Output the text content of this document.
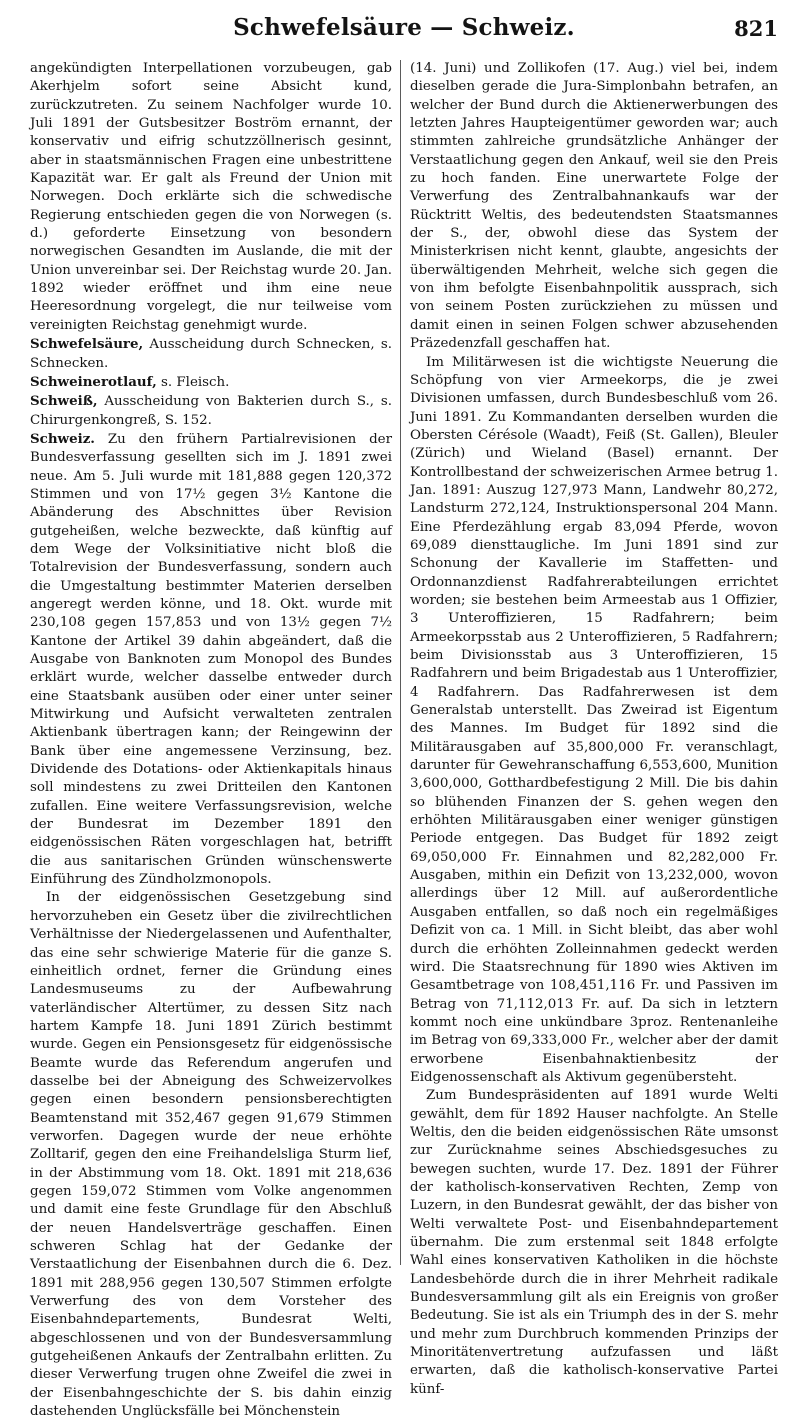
Schwefelsäure — Schweiz.	821

angekündigten Interpellationen vorzubeugen, gab Akerhjelm sofort seine Absicht kund, zurückzutreten. Zu seinem Nachfolger wurde 10. Juli 1891 der Gutsbesitzer Boström ernannt, der konservativ und eifrig schutzzöllnerisch gesinnt, aber in staatsmännischen Fragen eine unbestrittene Kapazität war. Er galt als Freund der Union mit Norwegen. Doch erklärte sich die schwedische Regierung entschieden gegen die von Norwegen (s. d.) geforderte Einsetzung von besondern norwegischen Gesandten im Auslande, die mit der Union unvereinbar sei. Der Reichstag wurde 20. Jan. 1892 wieder eröffnet und ihm eine neue Heeresordnung vorgelegt, die nur teilweise vom vereinigten Reichstag genehmigt wurde.

Schwefelsäure, Ausscheidung durch Schnecken, s. Schnecken.

Schweinerotlauf, s. Fleisch.

Schweiß, Ausscheidung von Bakterien durch S., s. Chirurgenkongreß, S. 152.

Schweiz. Zu den frühern Partialrevisionen der Bundesverfassung gesellten sich im J. 1891 zwei neue. Am 5. Juli wurde mit 181,888 gegen 120,372 Stimmen und von 17½ gegen 3½ Kantone die Abänderung des Abschnittes über Revision gutgeheißen, welche bezweckte, daß künftig auf dem Wege der Volksinitiative nicht bloß die Totalrevision der Bundesverfassung, sondern auch die Umgestaltung bestimmter Materien derselben angeregt werden könne, und 18. Okt. wurde mit 230,108 gegen 157,853 und von 13½ gegen 7½ Kantone der Artikel 39 dahin abgeändert, daß die Ausgabe von Banknoten zum Monopol des Bundes erklärt wurde, welcher dasselbe entweder durch eine Staatsbank ausüben oder einer unter seiner Mitwirkung und Aufsicht verwalteten zentralen Aktienbank übertragen kann; der Reingewinn der Bank über eine angemessene Verzinsung, bez. Dividende des Dotations- oder Aktienkapitals hinaus soll mindestens zu zwei Dritteilen den Kantonen zufallen. Eine weitere Verfassungsrevision, welche der Bundesrat im Dezember 1891 den eidgenössischen Räten vorgeschlagen hat, betrifft die aus sanitarischen Gründen wünschenswerte Einführung des Zündholzmonopols.

In der eidgenössischen Gesetzgebung sind hervorzuheben ein Gesetz über die zivilrechtlichen Verhältnisse der Niedergelassenen und Aufenthalter, das eine sehr schwierige Materie für die ganze S. einheitlich ordnet, ferner die Gründung eines Landesmuseums zu der Aufbewahrung vaterländischer Altertümer, zu dessen Sitz nach hartem Kampfe 18. Juni 1891 Zürich bestimmt wurde. Gegen ein Pensionsgesetz für eidgenössische Beamte wurde das Referendum angerufen und dasselbe bei der Abneigung des Schweizervolkes gegen einen besondern pensionsberechtigten Beamtenstand mit 352,467 gegen 91,679 Stimmen verworfen. Dagegen wurde der neue erhöhte Zolltarif, gegen den eine Freihandelsliga Sturm lief, in der Abstimmung vom 18. Okt. 1891 mit 218,636 gegen 159,072 Stimmen vom Volke angenommen und damit eine feste Grundlage für den Abschluß der neuen Handelsverträge geschaffen. Einen schweren Schlag hat der Gedanke der Verstaatlichung der Eisenbahnen durch die 6. Dez. 1891 mit 288,956 gegen 130,507 Stimmen erfolgte Verwerfung des von dem Vorsteher des Eisenbahndepartements, Bundesrat Welti, abgeschlossenen und von der Bundesversammlung gutgeheißenen Ankaufs der Zentralbahn erlitten. Zu dieser Verwerfung trugen ohne Zweifel die zwei in der Eisenbahngeschichte der S. bis dahin einzig dastehenden Unglücksfälle bei Mönchenstein

(14. Juni) und Zollikofen (17. Aug.) viel bei, indem dieselben gerade die Jura-Simplonbahn betrafen, an welcher der Bund durch die Aktienerwerbungen des letzten Jahres Haupteigentümer geworden war; auch stimmten zahlreiche grundsätzliche Anhänger der Verstaatlichung gegen den Ankauf, weil sie den Preis zu hoch fanden. Eine unerwartete Folge der Verwerfung des Zentralbahnankaufs war der Rücktritt Weltis, des bedeutendsten Staatsmannes der S., der, obwohl diese das System der Ministerkrisen nicht kennt, glaubte, angesichts der überwältigenden Mehrheit, welche sich gegen die von ihm befolgte Eisenbahnpolitik aussprach, sich von seinem Posten zurückziehen zu müssen und damit einen in seinen Folgen schwer abzusehenden Präzedenzfall geschaffen hat.

Im Militärwesen ist die wichtigste Neuerung die Schöpfung von vier Armeekorps, die je zwei Divisionen umfassen, durch Bundesbeschluß vom 26. Juni 1891. Zu Kommandanten derselben wurden die Obersten Cérésole (Waadt), Feiß (St. Gallen), Bleuler (Zürich) und Wieland (Basel) ernannt. Der Kontrollbestand der schweizerischen Armee betrug 1. Jan. 1891: Auszug 127,973 Mann, Landwehr 80,272, Landsturm 272,124, Instruktionspersonal 204 Mann. Eine Pferdezählung ergab 83,094 Pferde, wovon 69,089 diensttaugliche. Im Juni 1891 sind zur Schonung der Kavallerie im Staffetten- und Ordonnanzdienst Radfahrerabteilungen errichtet worden; sie bestehen beim Armeestab aus 1 Offizier, 3 Unteroffizieren, 15 Radfahrern; beim Armeekorpsstab aus 2 Unteroffizieren, 5 Radfahrern; beim Divisionsstab aus 3 Unteroffizieren, 15 Radfahrern und beim Brigadestab aus 1 Unteroffizier, 4 Radfahrern. Das Radfahrerwesen ist dem Generalstab unterstellt. Das Zweirad ist Eigentum des Mannes. Im Budget für 1892 sind die Militärausgaben auf 35,800,000 Fr. veranschlagt, darunter für Gewehranschaffung 6,553,600, Munition 3,600,000, Gotthardbefestigung 2 Mill. Die bis dahin so blühenden Finanzen der S. gehen wegen den erhöhten Militärausgaben einer weniger günstigen Periode entgegen. Das Budget für 1892 zeigt 69,050,000 Fr. Einnahmen und 82,282,000 Fr. Ausgaben, mithin ein Defizit von 13,232,000, wovon allerdings über 12 Mill. auf außerordentliche Ausgaben entfallen, so daß noch ein regelmäßiges Defizit von ca. 1 Mill. in Sicht bleibt, das aber wohl durch die erhöhten Zolleinnahmen gedeckt werden wird. Die Staatsrechnung für 1890 wies Aktiven im Gesamtbetrage von 108,451,116 Fr. und Passiven im Betrag von 71,112,013 Fr. auf. Da sich in letztern kommt noch eine unkündbare 3proz. Rentenanleihe im Betrag von 69,333,000 Fr., welcher aber der damit erworbene Eisenbahnaktienbesitz der Eidgenossenschaft als Aktivum gegenübersteht.

Zum Bundespräsidenten auf 1891 wurde Welti gewählt, dem für 1892 Hauser nachfolgte. An Stelle Weltis, den die beiden eidgenössischen Räte umsonst zur Zurücknahme seines Abschiedsgesuches zu bewegen suchten, wurde 17. Dez. 1891 der Führer der katholisch-konservativen Rechten, Zemp von Luzern, in den Bundesrat gewählt, der das bisher von Welti verwaltete Post- und Eisenbahndepartement übernahm. Die zum erstenmal seit 1848 erfolgte Wahl eines konservativen Katholiken in die höchste Landesbehörde durch die in ihrer Mehrheit radikale Bundesversammlung gilt als ein Ereignis von großer Bedeutung. Sie ist als ein Triumph des in der S. mehr und mehr zum Durchbruch kommenden Prinzips der Minoritätenvertretung aufzufassen und läßt erwarten, daß die katholisch-konservative Partei künf-
